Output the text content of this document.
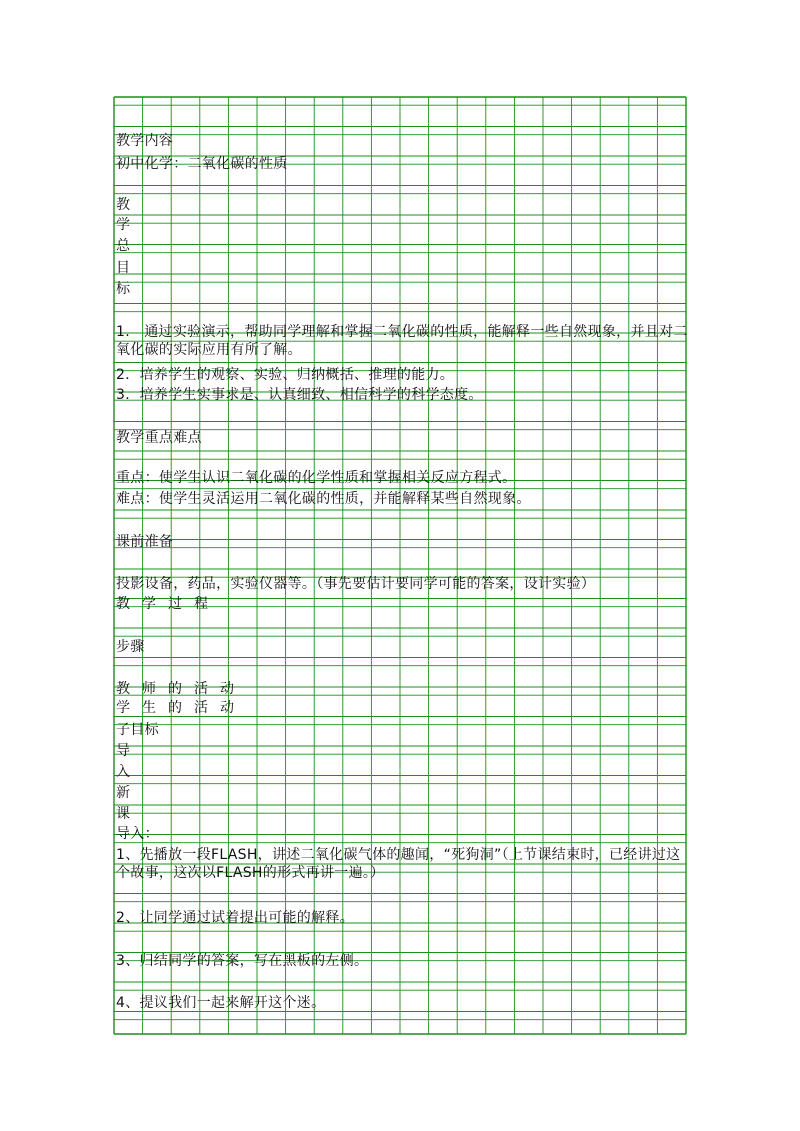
教学内容
初中化学：二氧化碳的性质
教
学
总
目
标
1.　通过实验演示，帮助同学理解和掌握二氧化碳的性质，能解释一些自然现象，并且对二氧化碳的实际应用有所了解。
2．培养学生的观察、实验、归纳概括、推理的能力。
3．培养学生实事求是、认真细致、相信科学的科学态度。
教学重点难点
重点：使学生认识二氧化碳的化学性质和掌握相关反应方程式。
难点：使学生灵活运用二氧化碳的性质，并能解释某些自然现象。
课前准备
投影设备，药品，实验仪器等。（事先要估计要同学可能的答案，设计实验）
教学过程
步骤
教师的活动
学生的活动
子目标
导
入
新
课
导入：
1、先播放一段FLASH，讲述二氧化碳气体的趣闻，“死狗洞”（上节课结束时，已经讲过这个故事，这次以FLASH的形式再讲一遍。）
2、让同学通过试着提出可能的解释。
3、归结同学的答案，写在黑板的左侧。
4、提议我们一起来解开这个迷。
